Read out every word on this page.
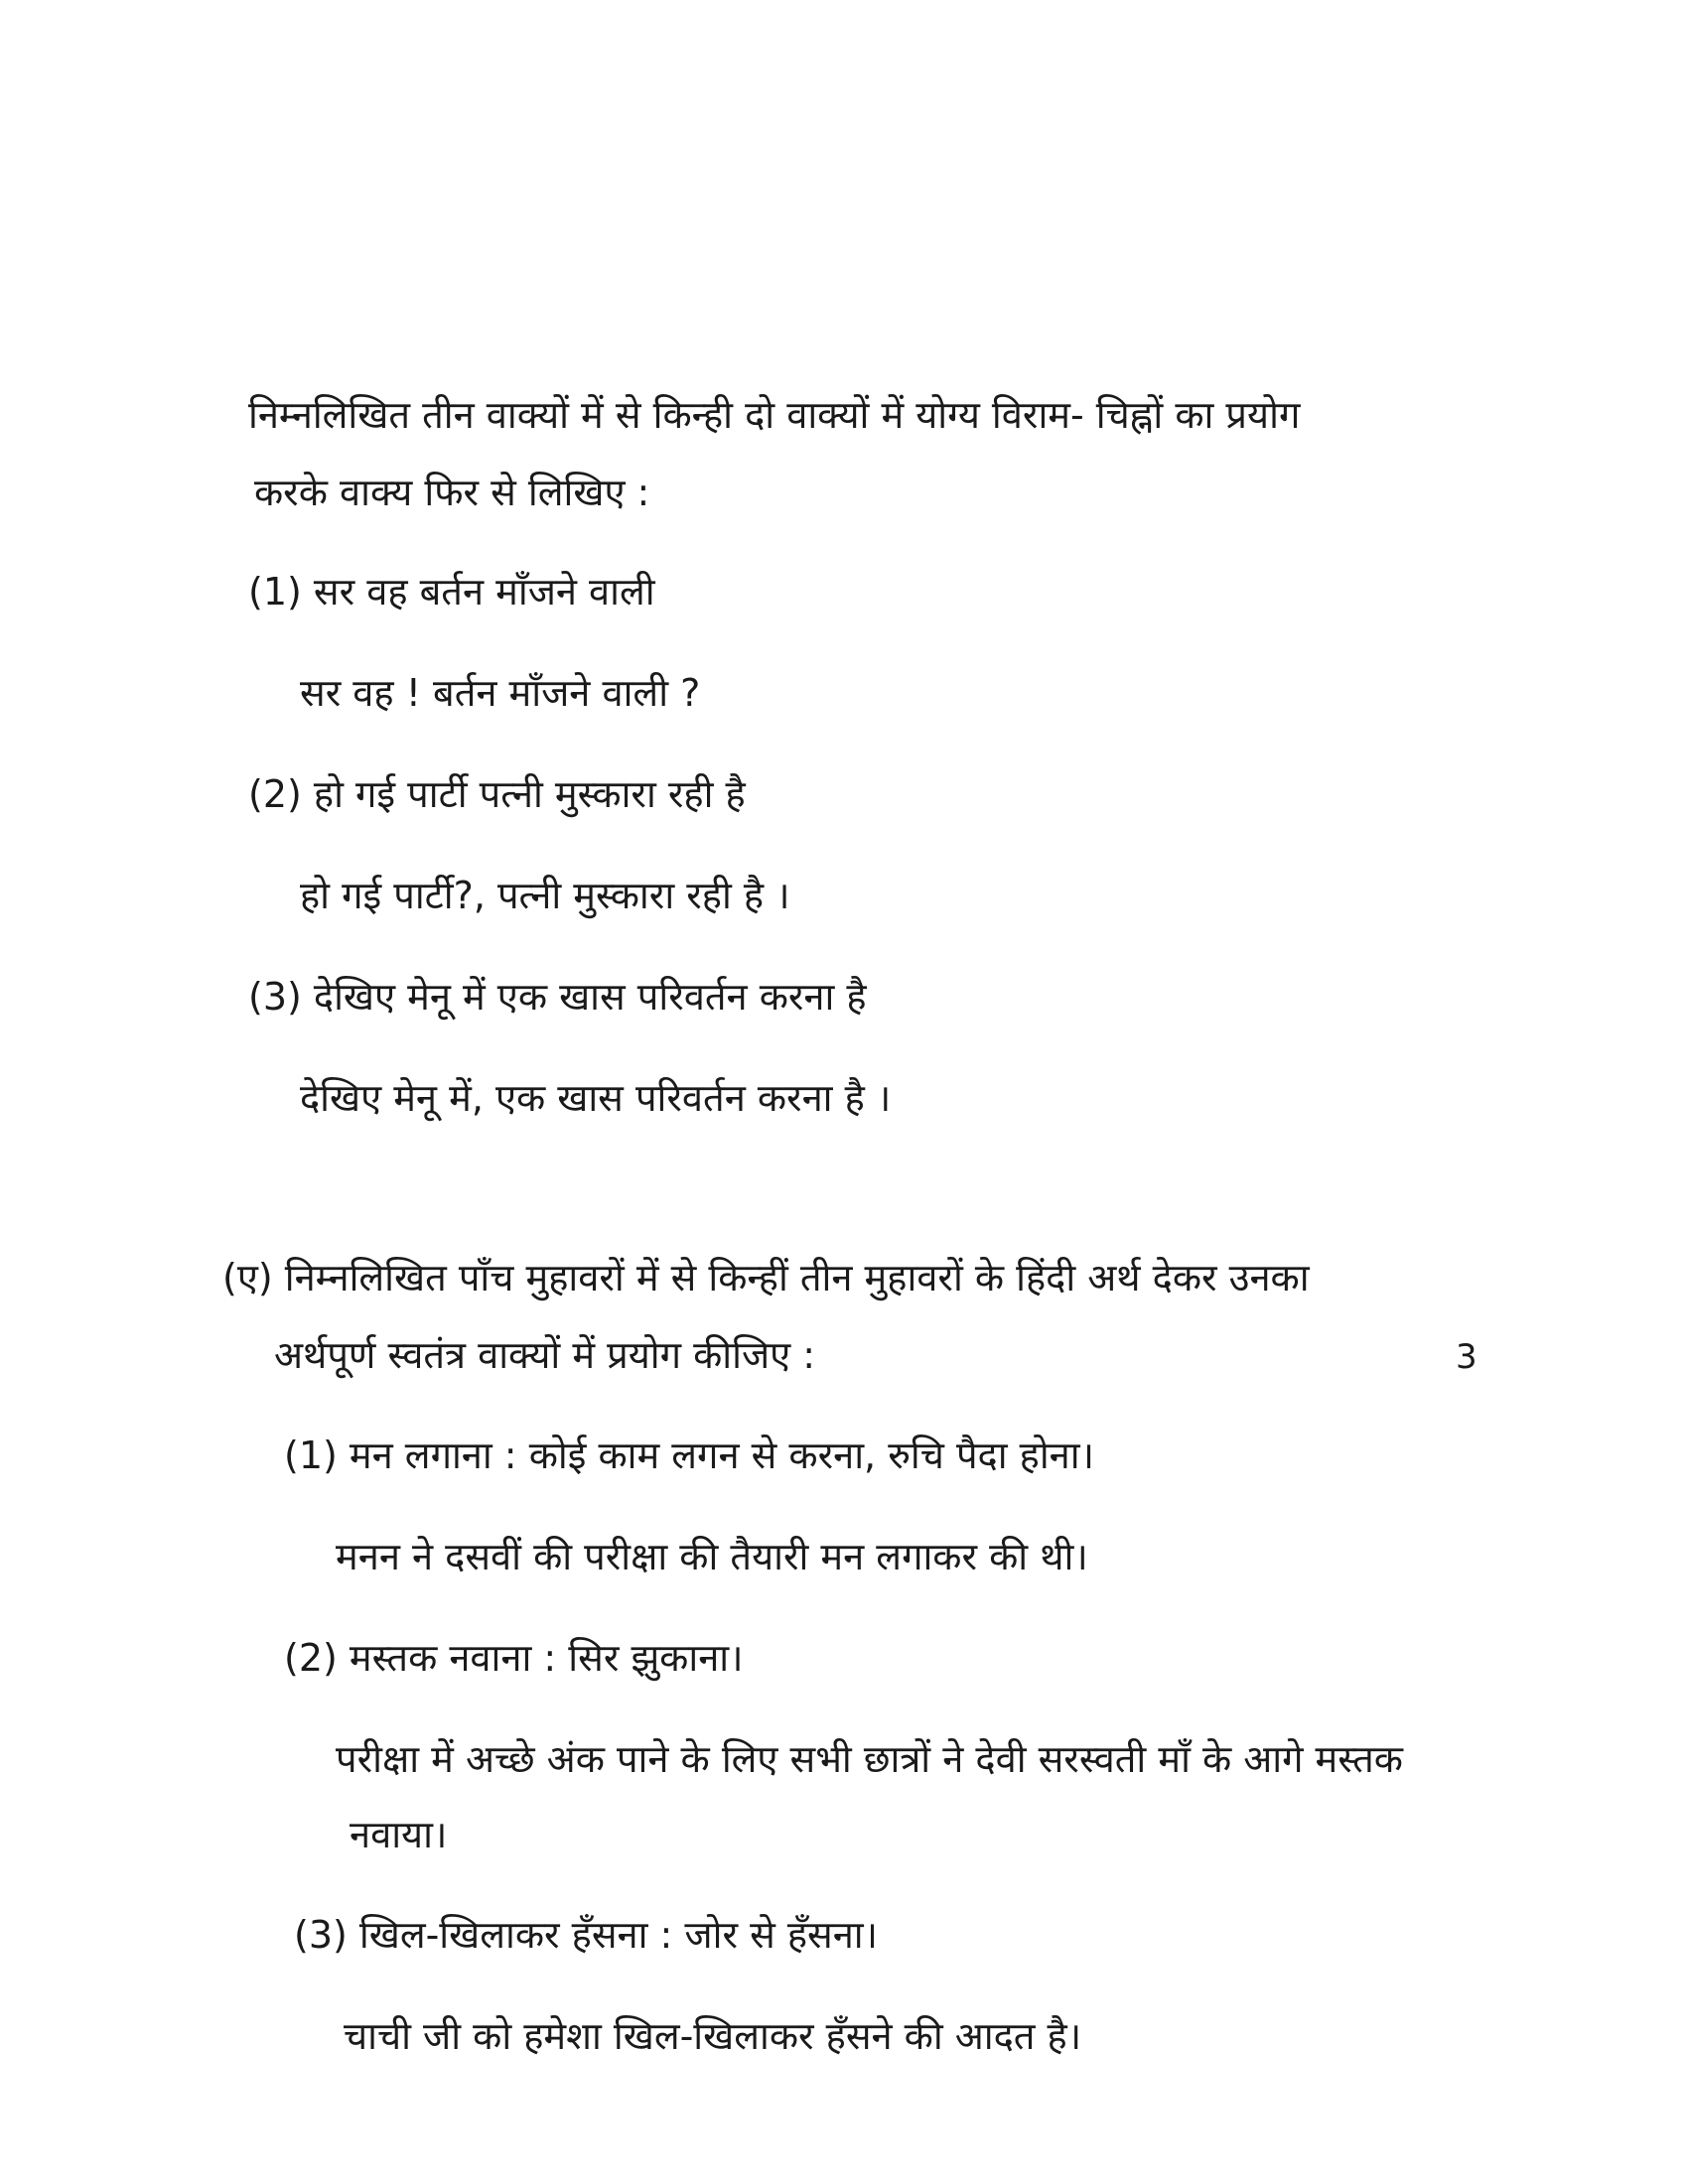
निम्नलिखित तीन वाक्यों में से किन्ही दो वाक्यों में योग्य विराम- चिह्नों का प्रयोग
करके वाक्य फिर से लिखिए :
(1) सर वह बर्तन माँजने वाली
सर वह ! बर्तन माँजने वाली ?
(2) हो गई पार्टी पत्नी मुस्कारा रही है
हो गई पार्टी?, पत्नी मुस्कारा रही है ।
(3) देखिए मेनू में एक खास परिवर्तन करना है
देखिए मेनू में, एक खास परिवर्तन करना है ।
(ए) निम्नलिखित पाँच मुहावरों में से किन्हीं तीन मुहावरों के हिंदी अर्थ देकर उनका
अर्थपूर्ण स्वतंत्र वाक्यों में प्रयोग कीजिए :	3
(1) मन लगाना : कोई काम लगन से करना, रुचि पैदा होना।
मनन ने दसवीं की परीक्षा की तैयारी मन लगाकर की थी।
(2) मस्तक नवाना : सिर झुकाना।
परीक्षा में अच्छे अंक पाने के लिए सभी छात्रों ने देवी सरस्वती माँ के आगे मस्तक
नवाया।
(3) खिल-खिलाकर हँसना : जोर से हँसना।
चाची जी को हमेशा खिल-खिलाकर हँसने की आदत है।
